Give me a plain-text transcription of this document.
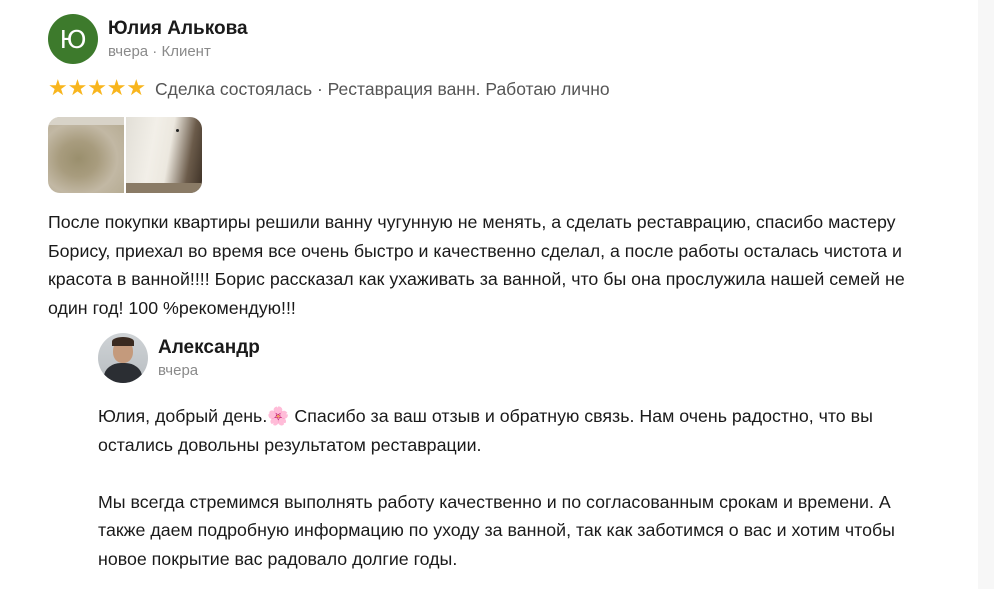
Ю Юлия Алькова
вчера · Клиент
★ ★ ★ ★ ★ Сделка состоялась · Реставрация ванн. Работаю лично
После покупки квартиры решили ванну чугунную не менять, а сделать реставрацию, спасибо мастеру Борису, приехал во время все очень быстро и качественно сделал, а после работы осталась чистота и красота в ванной!!!! Борис рассказал как ухаживать за ванной, что бы она прослужила нашей семей не один год! 100 %рекомендую!!!
Александр
вчера
Юлия, добрый день.🌸 Спасибо за ваш отзыв и обратную связь. Нам очень радостно, что вы остались довольны результатом реставрации.

Мы всегда стремимся выполнять работу качественно и по согласованным срокам и времени. А также даем подробную информацию по уходу за ванной, так как заботимся о вас и хотим чтобы новое покрытие вас радовало долгие годы.
